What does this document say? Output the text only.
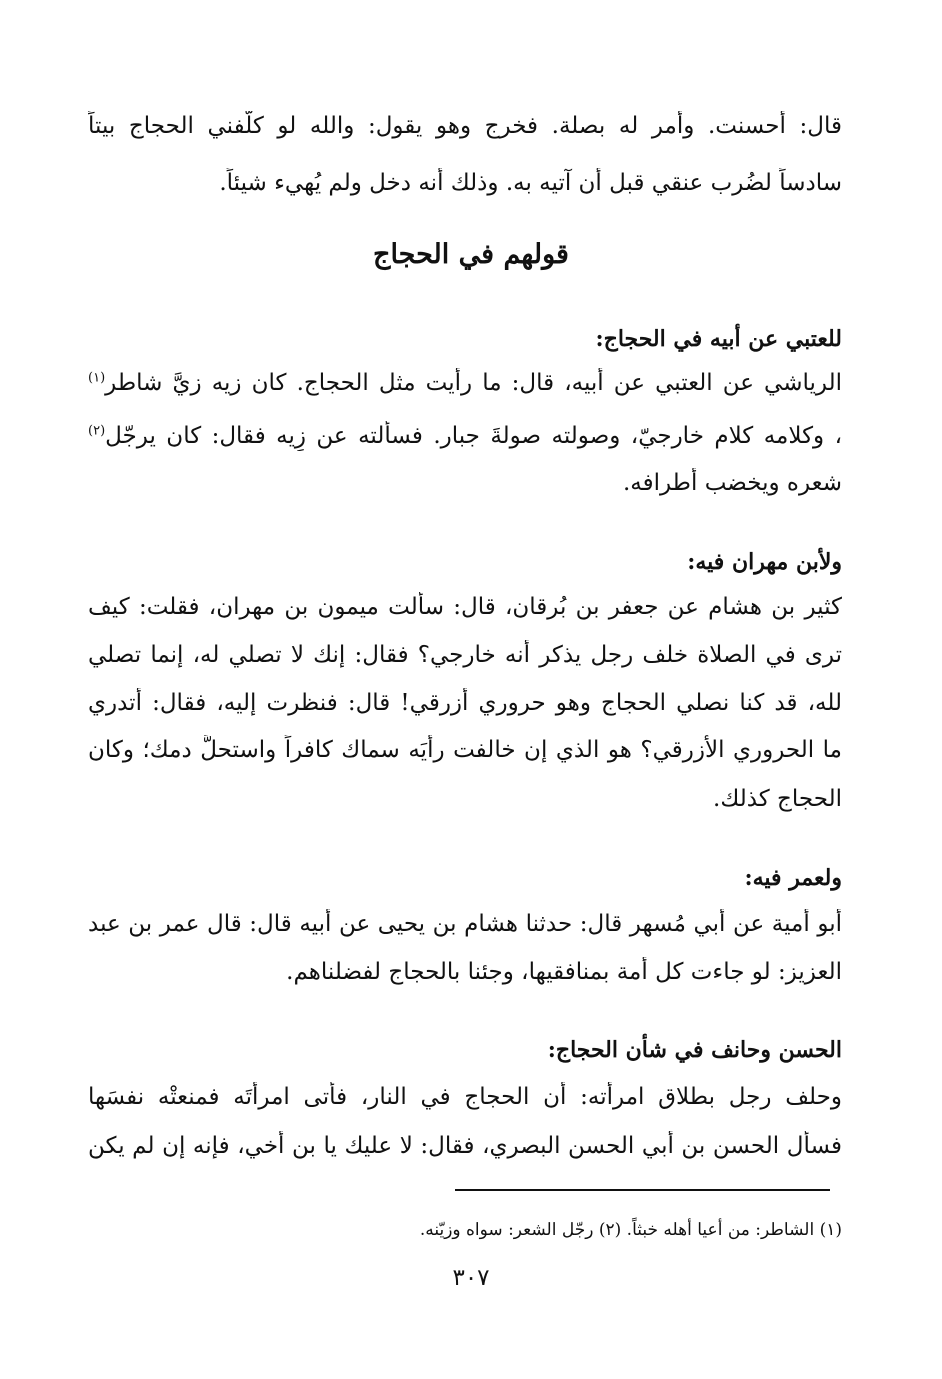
قال: أحسنت. وأمر له بصلة. فخرج وهو يقول: والله لو كلّفني الحجاج بيتاً
سادساً لضُرب عنقي قبل أن آتيه به. وذلك أنه دخل ولم يُهيء شيئاً.
قولهم في الحجاج
للعتبي عن أبيه في الحجاج:
الرياشي عن العتبي عن أبيه، قال: ما رأيت مثل الحجاج. كان زيه زيَّ شاطر$^{(١)}$
، وكلامه كلام خارجيّ، وصولته صولةَ جبار. فسألته عن زِيه فقال: كان يرجّل$^{(٢)}$
شعره ويخضب أطرافه.
ولأبن مهران فيه:
كثير بن هشام عن جعفر بن بُرقان، قال: سألت ميمون بن مهران، فقلت: كيف
ترى في الصلاة خلف رجل يذكر أنه خارجي؟ فقال: إنك لا تصلي له، إنما تصلي
لله، قد كنا نصلي الحجاج وهو حروري أزرقي! قال: فنظرت إليه، فقال: أتدري
ما الحروري الأزرقي؟ هو الذي إن خالفت رأيَه سماك كافراً واستحلَّ دمك؛ وكان
الحجاج كذلك.
ولعمر فيه:
أبو أمية عن أبي مُسهر قال: حدثنا هشام بن يحيى عن أبيه قال: قال عمر بن عبد
العزيز: لو جاءت كل أمة بمنافقيها، وجئنا بالحجاج لفضلناهم.
الحسن وحانف في شأن الحجاج:
وحلف رجل بطلاق امرأته: أن الحجاج في النار، فأتى امرأتَه فمنعتْه نفسَها
فسأل الحسن بن أبي الحسن البصري، فقال: لا عليك يا بن أخي، فإنه إن لم يكن
(١) الشاطر: من أعيا أهله خبثاً. (٢) رجّل الشعر: سواه وزيّنه.
٣٠٧
